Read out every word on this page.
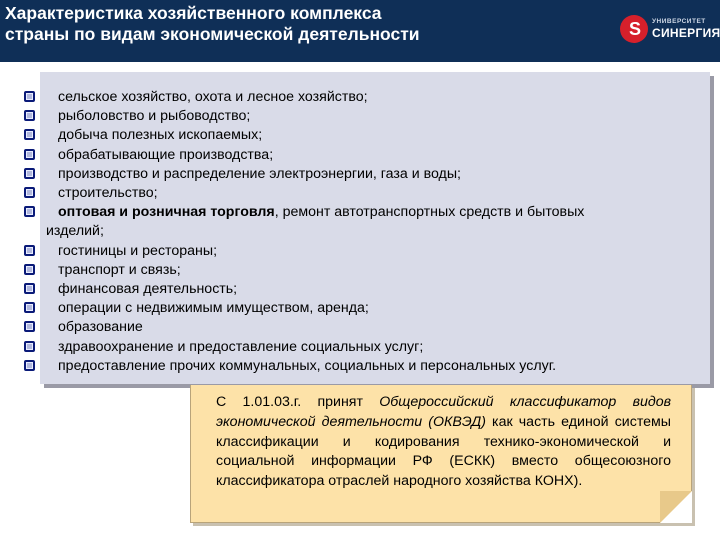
Характеристика хозяйственного комплекса страны по видам экономической деятельности	S УНИВЕРСИТЕТ
СИНЕРГИЯ
сельское хозяйство, охота и лесное хозяйство;
рыболовство и рыбоводство;
добыча полезных ископаемых;
обрабатывающие производства;
производство и распределение электроэнергии, газа и воды;
строительство;
оптовая и розничная торговля, ремонт автотранспортных средств и бытовых
изделий;
гостиницы и рестораны;
транспорт и связь;
финансовая деятельность;
операции с недвижимым имуществом, аренда;
образование
здравоохранение и предоставление социальных услуг;
предоставление прочих коммунальных, социальных и персональных услуг.
С 1.01.03.г. принят Общероссийский классификатор видов экономической деятельности (ОКВЭД) как часть единой системы классификации и кодирования технико-экономической и социальной информации РФ (ЕСКК) вместо общесоюзного классификатора отраслей народного хозяйства КОНХ).
